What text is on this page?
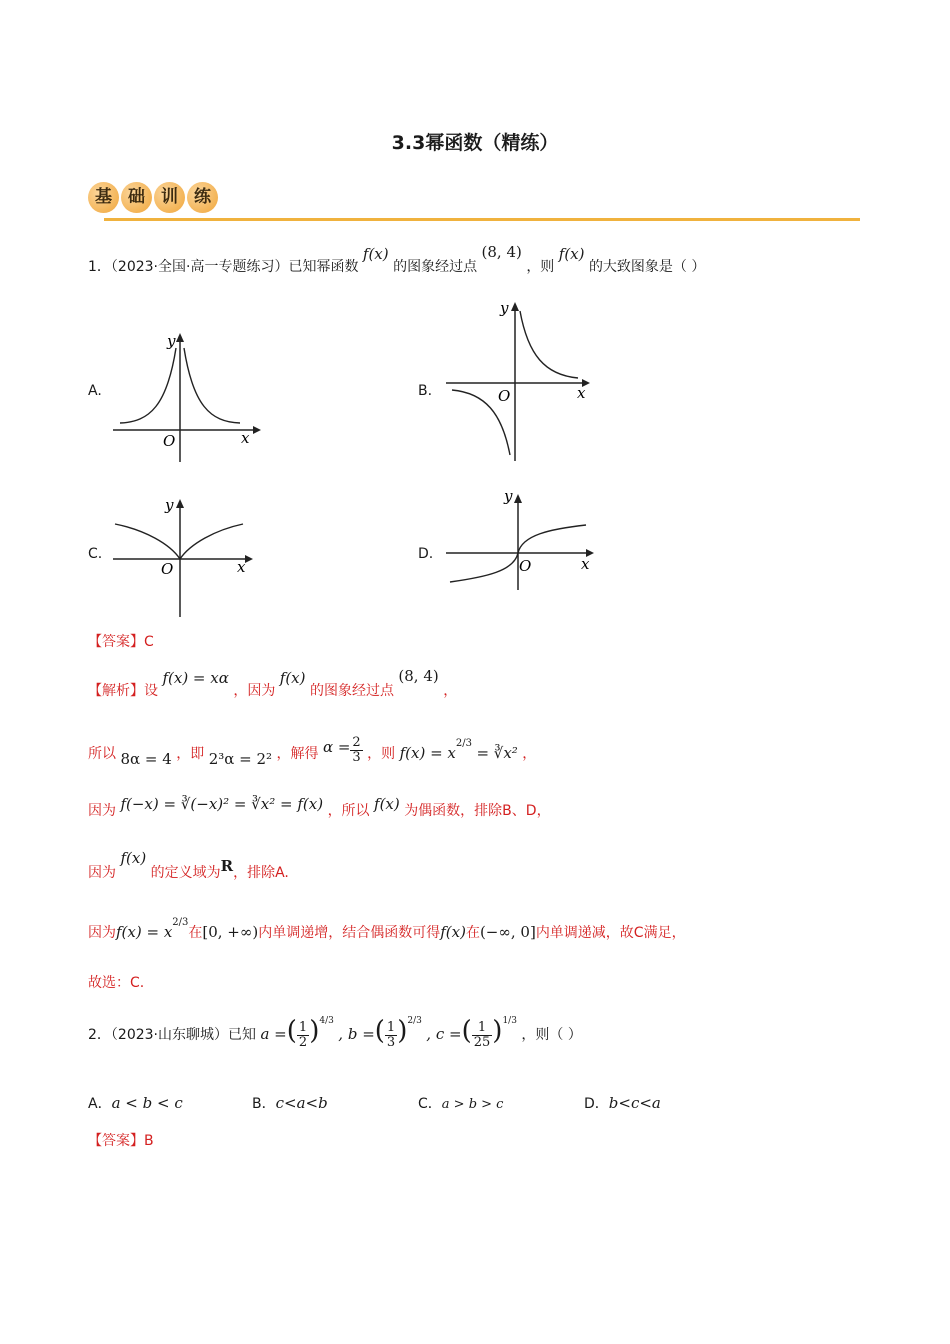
3.3幂函数（精练）
基 础 训 练
1．（2023·全国·高一专题练习）已知幂函数 f(x) 的图象经过点 (8, 4) ，则 f(x) 的大致图象是（ ）
A.	B.
C.	D.
y
x
O
y
x
O
y
x
O
y
x
O
【答案】C
【解析】设 f(x) = xα ，因为 f(x) 的图象经过点 (8, 4) ，
所以 8α = 4 ，即 2³α = 2² ，解得 $\alpha = \frac{2}{3}$ ，则 $f(x) = x^{2/3}$ = ∛x² ，
因为 f(−x) = ∛(−x)² = ∛x² = f(x) ，所以 f(x) 为偶函数，排除B、D，
因为 f(x) 的定义域为R，排除A.
因为$f(x) = x^{2/3}$在[0, +∞)内单调递增，结合偶函数可得f(x)在(−∞, 0]内单调递减，故C满足，
故选：C.
2．（2023·山东聊城）已知 a =( $\frac{1}{2} )^{4/3}$ , b =( $\frac{1}{3} )^{2/3}$ , c =( $\frac{1}{25} )^{1/3}$ ，则（ ）
A．a < b < c	B．c<a<b	C．a > b > c	D．b<c<a
【答案】B
